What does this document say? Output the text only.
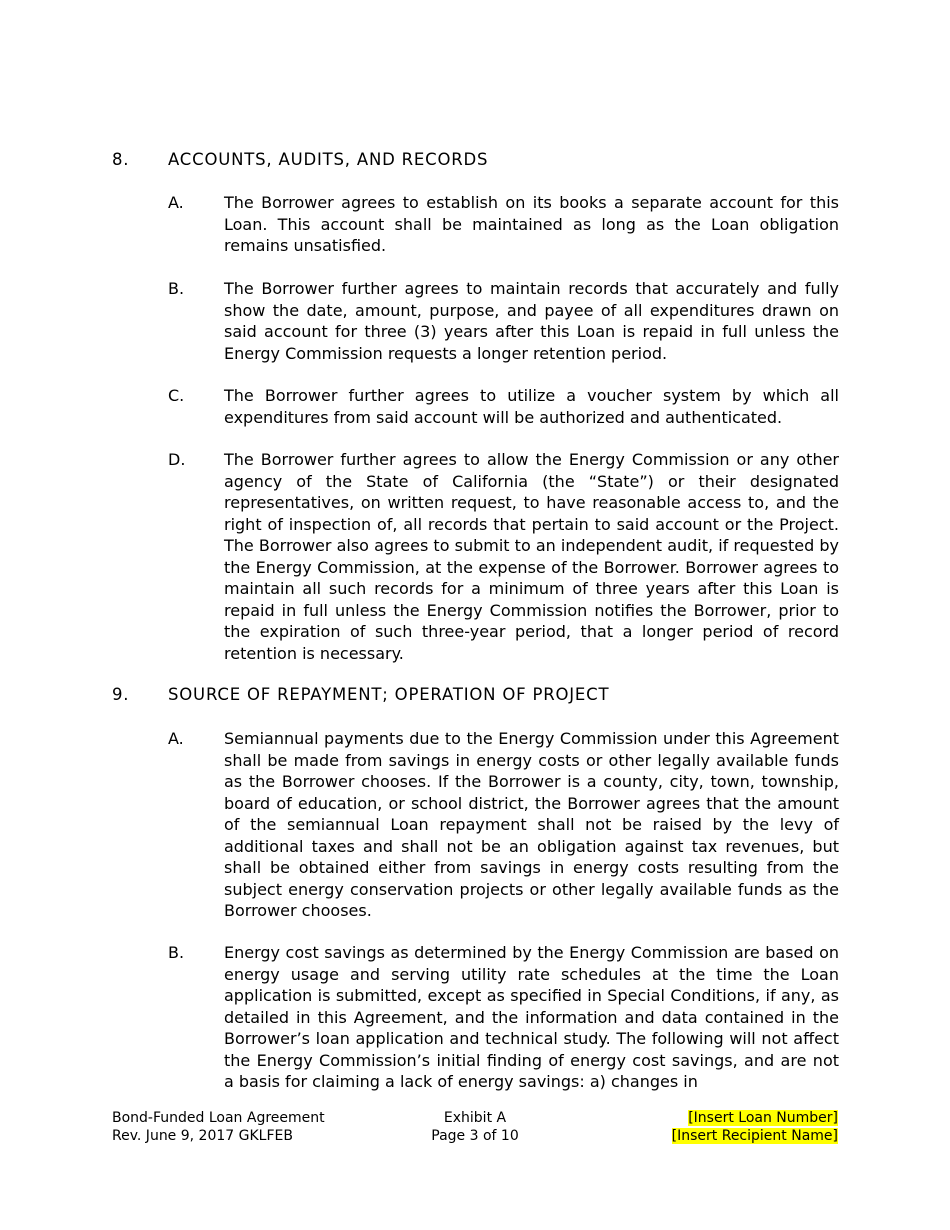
8. ACCOUNTS, AUDITS, AND RECORDS
A.	The Borrower agrees to establish on its books a separate account for this Loan. This account shall be maintained as long as the Loan obligation remains unsatisfied.
B. The Borrower further agrees to maintain records that accurately and fully show the date, amount, purpose, and payee of all expenditures drawn on said account for three (3) years after this Loan is repaid in full unless the Energy Commission requests a longer retention period.
C. The Borrower further agrees to utilize a voucher system by which all expenditures from said account will be authorized and authenticated.
D. The Borrower further agrees to allow the Energy Commission or any other agency of the State of California (the “State”) or their designated representatives, on written request, to have reasonable access to, and the right of inspection of, all records that pertain to said account or the Project. The Borrower also agrees to submit to an independent audit, if requested by the Energy Commission, at the expense of the Borrower. Borrower agrees to maintain all such records for a minimum of three years after this Loan is repaid in full unless the Energy Commission notifies the Borrower, prior to the expiration of such three-year period, that a longer period of record retention is necessary.
9. SOURCE OF REPAYMENT; OPERATION OF PROJECT
A.	Semiannual payments due to the Energy Commission under this Agreement shall be made from savings in energy costs or other legally available funds as the Borrower chooses. If the Borrower is a county, city, town, township, board of education, or school district, the Borrower agrees that the amount of the semiannual Loan repayment shall not be raised by the levy of additional taxes and shall not be an obligation against tax revenues, but shall be obtained either from savings in energy costs resulting from the subject energy conservation projects or other legally available funds as the Borrower chooses.
B. Energy cost savings as determined by the Energy Commission are based on energy usage and serving utility rate schedules at the time the Loan application is submitted, except as specified in Special Conditions, if any, as detailed in this Agreement, and the information and data contained in the Borrower’s loan application and technical study. The following will not affect the Energy Commission’s initial finding of energy cost savings, and are not a basis for claiming a lack of energy savings: a) changes in
Bond-Funded Loan Agreement
Rev. June 9, 2017 GKLFEB
Exhibit A
Page 3 of 10
[Insert Loan Number]
[Insert Recipient Name]
